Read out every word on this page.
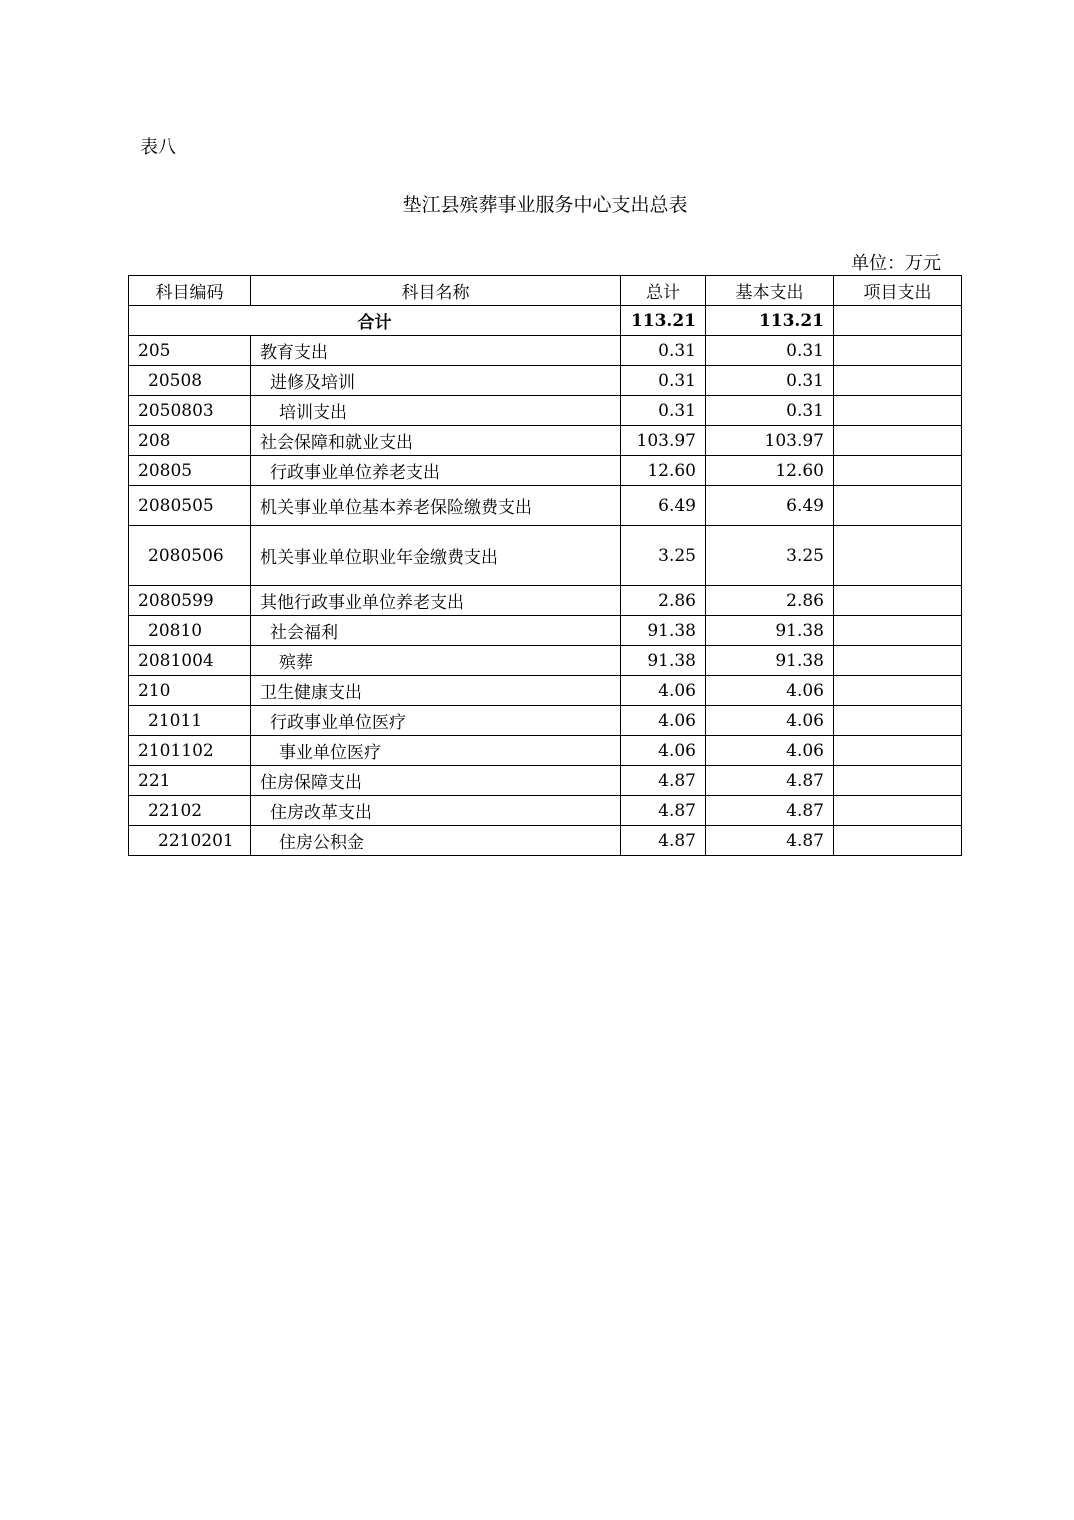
表八
垫江县殡葬事业服务中心支出总表
单位：万元
科目编码	科目名称	总计	基本支出	项目支出
合计		113.21	113.21	
205	教育支出	0.31	0.31	
20508	进修及培训	0.31	0.31	
2050803	培训支出	0.31	0.31	
208	社会保障和就业支出	103.97	103.97	
20805	行政事业单位养老支出	12.60	12.60	
2080505	机关事业单位基本养老保险缴费支出	6.49	6.49	
2080506	机关事业单位职业年金缴费支出	3.25	3.25	
2080599	其他行政事业单位养老支出	2.86	2.86	
20810	社会福利	91.38	91.38	
2081004	殡葬	91.38	91.38	
210	卫生健康支出	4.06	4.06	
21011	行政事业单位医疗	4.06	4.06	
2101102	事业单位医疗	4.06	4.06	
221	住房保障支出	4.87	4.87	
22102	住房改革支出	4.87	4.87	
2210201	住房公积金	4.87	4.87	
